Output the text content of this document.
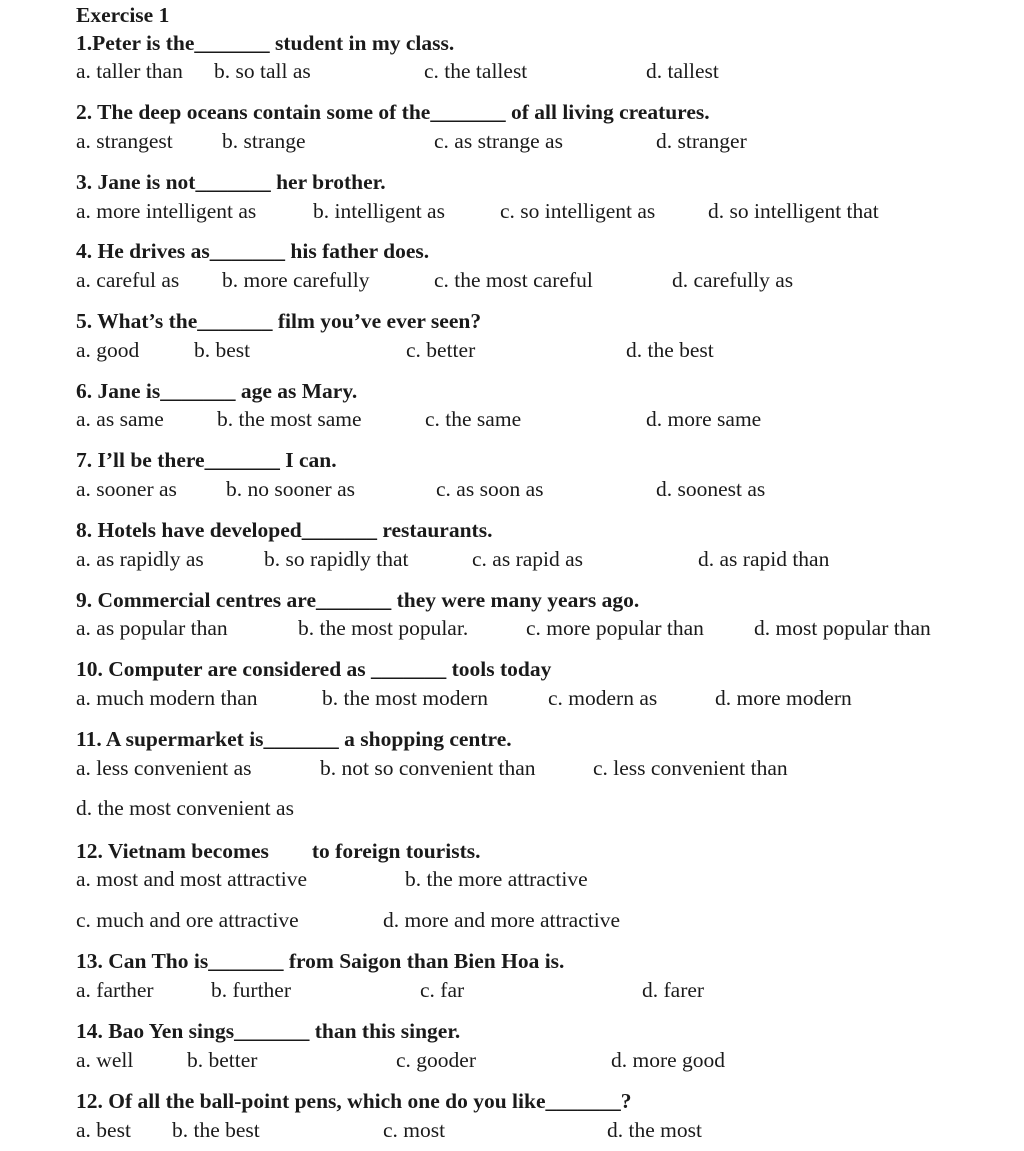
Exercise 1
1.Peter is the_______ student in my class.
a. taller than b. so tall as	c. the tallest	d. tallest
2. The deep oceans contain some of the_______ of all living creatures.
a. strangest b. strange	c. as strange as	d. stranger
3. Jane is not_______ her brother.
a. more intelligent as	b. intelligent as	c. so intelligent as d. so intelligent that
4. He drives as_______ his father does.
a. careful as b. more carefully	c. the most careful	d. carefully as
5. What’s the_______ film you’ve ever seen?
a. good	b. best	c. better	d. the best
6. Jane is_______ age as Mary.
a. as same b. the most same	c. the same	d. more same
7. I’ll be there_______ I can.
a. sooner as b. no sooner as	c. as soon as	d. soonest as
8. Hotels have developed_______ restaurants.
a. as rapidly as	b. so rapidly that	c. as rapid as	d. as rapid than
9. Commercial centres are_______ they were many years ago.
a. as popular than	b. the most popular.	c. more popular than d. most popular than
10. Computer are considered as _______ tools today
a. much modern than	b. the most modern	c. modern as	d. more modern
11. A supermarket is_______ a shopping centre.
a. less convenient as	b. not so convenient than	c. less convenient than
d. the most convenient as
12. Vietnam becomes        to foreign tourists.
a. most and most attractive	b. the more attractive
c. much and ore attractive	d. more and more attractive
13. Can Tho is_______ from Saigon than Bien Hoa is.
a. farther	b. further	c. far	d. farer
14. Bao Yen sings_______ than this singer.
a. well b. better	c. gooder	d. more good
12. Of all the ball-point pens, which one do you like_______?
a. best b. the best	c. most	d. the most
